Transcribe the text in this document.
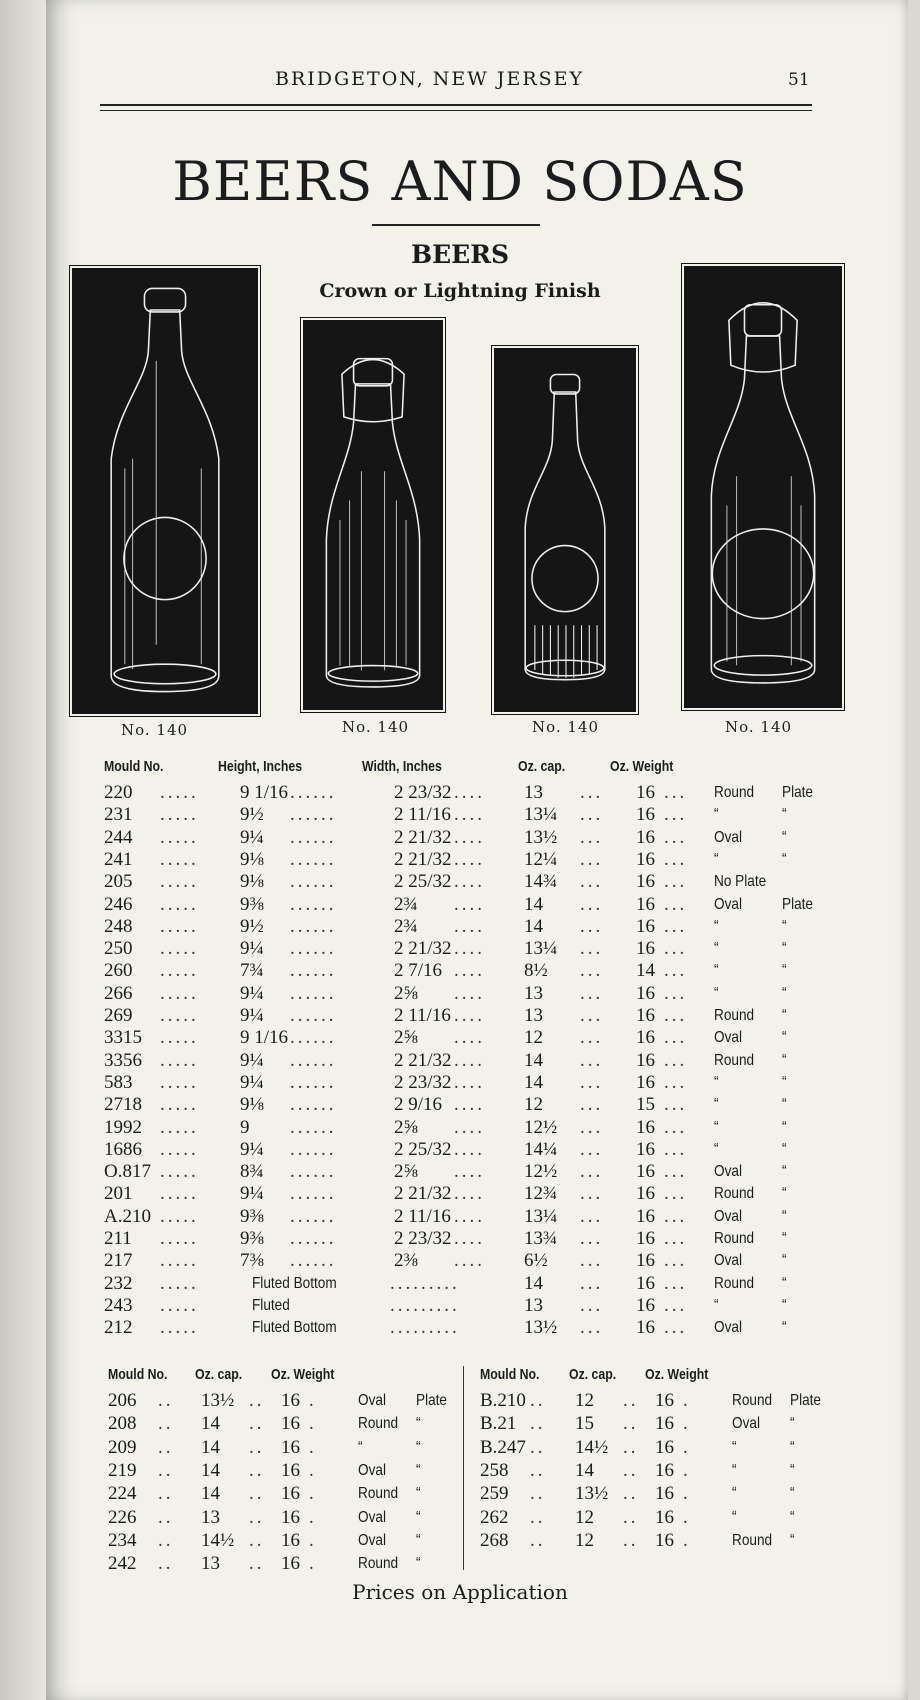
BRIDGETON, NEW JERSEY	51
BEERS AND SODAS
BEERS
Crown or Lightning Finish
No. 140	No. 140	No. 140	No. 140
Mould No.	Height, Inches	Width, Inches	Oz. cap.	Oz. Weight
220 ..... 9 1/16 ......	2 23/32 .... 13 ... 16 ... Round Plate
231 ..... 9½ ......	2 11/16 .... 13¼ ... 16 ... “	“
244 ..... 9¼ ......	2 21/32 .... 13½ ... 16 ... Oval	“
241 ..... 9⅛ ......	2 21/32 .... 12¼ ... 16 ... “	“
205 ..... 9⅛ ......	2 25/32 .... 14¾ ... 16 ... No Plate
246 ..... 9⅜ ......	2¾ .... 14 ... 16 ... Oval	Plate
248 ..... 9½ ......	2¾ .... 14 ... 16 ... “	“
250 ..... 9¼ ......	2 21/32 .... 13¼ ... 16 ... “	“
260 ..... 7¾ ......	2 7/16 .... 8½ ... 14 ... “	“
266 ..... 9¼ ......	2⅝ .... 13 ... 16 ... “	“
269 ..... 9¼ ......	2 11/16 .... 13 ... 16 ... Round “
3315 ..... 9 1/16 ......	2⅝ .... 12 ... 16 ... Oval	“
3356 ..... 9¼ ......	2 21/32 .... 14 ... 16 ... Round “
583 ..... 9¼ ......	2 23/32 .... 14 ... 16 ... “	“
2718 ..... 9⅛ ......	2 9/16 .... 12 ... 15 ... “	“
1992 ..... 9 ......	2⅝ .... 12½ ... 16 ... “	“
1686 ..... 9¼ ......	2 25/32 .... 14¼ ... 16 ... “	“
O.817 ..... 8¾ ......	2⅝ .... 12½ ... 16 ... Oval	“
201 ..... 9¼ ......	2 21/32 .... 12¾ ... 16 ... Round “
A.210 ..... 9⅜ ......	2 11/16 .... 13¼ ... 16 ... Oval	“
211 ..... 9⅜ ......	2 23/32 .... 13¾ ... 16 ... Round “
217 ..... 7⅜ ......	2⅜ .... 6½ ... 16 ... Oval	“
232 .....	Fluted Bottom	.........	14 ... 16 ... Round “
243 .....	Fluted	.........	13 ... 16 ... “	“
212 .....	Fluted Bottom	.........	13½ ... 16 ... Oval	“
Mould No. Oz. cap. Oz. Weight	Mould No. Oz. cap. Oz. Weight
206 .. 13½ .. 16 .	Oval Plate
208 .. 14 .. 16 .	Round “
209 .. 14 .. 16 .	“	“
219 .. 14 .. 16 .	Oval “
224 .. 14 .. 16 .	Round “
226 .. 13 .. 16 .	Oval “
234 .. 14½ .. 16 .	Oval “
242 .. 13 .. 16 .	Round “
B.210 .. 12 .. 16 .	Round Plate
B.21 .. 15 .. 16 .	Oval “
B.247 .. 14½ .. 16 .	“	“
258 .. 14 .. 16 .	“	“
259 .. 13½ .. 16 .	“	“
262 .. 12 .. 16 .	“	“
268 .. 12 .. 16 .	Round “
Prices on Application
